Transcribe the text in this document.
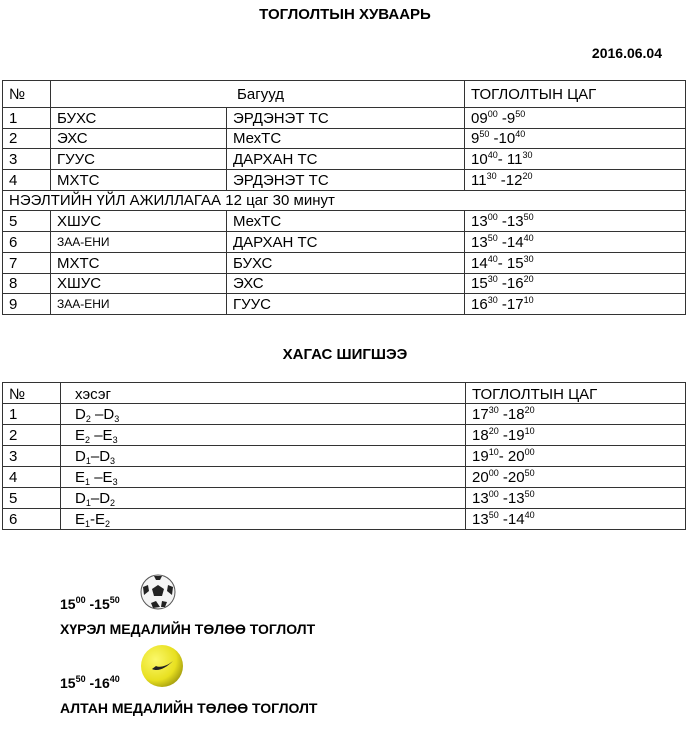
ТОГЛОЛТЫН ХУВААРЬ
2016.06.04
№	Багууд		ТОГЛОЛТЫН ЦАГ
1	БУХС	ЭРДЭНЭТ ТС	$09^{00}$ $-9^{50}$
2	ЭХС	МехТС	$9^{50}$ $-10^{40}$
3	ГУУС	ДАРХАН ТС	$10^{40}-$ $11^{30}$
4	МХТС	ЭРДЭНЭТ ТС	$11^{30}$ $-12^{20}$
НЭЭЛТИЙН ҮЙЛ АЖИЛЛАГАА 12 цаг 30 минут			
5	ХШУС	МехТС	$13^{00}$ $-13^{50}$
6	ЗАА-ЕНИ	ДАРХАН ТС	$13^{50}$ $-14^{40}$
7	МХТС	БУХС	$14^{40}-$ $15^{30}$
8	ХШУС	ЭХС	$15^{30}$ $-16^{20}$
9	ЗАА-ЕНИ	ГУУС	$16^{30}$ $-17^{10}$
ХАГАС ШИГШЭЭ
№	хэсэг	ТОГЛОЛТЫН ЦАГ
1	$D_2$ $-D_3$	$17^{30}$ $-18^{20}$
2	$E_2$ $-E_3$	$18^{20}$ $-19^{10}$
3	$D_1-D_3$	$19^{10}-$ $20^{00}$
4	$E_1$ $-E_3$	$20^{00}$ $-20^{50}$
5	$D_1-D_2$	$13^{00}$ $-13^{50}$
6	$E_1-E_2$	$13^{50}$ $-14^{40}$
$15^{00}$ $-15^{50}$
ХҮРЭЛ МЕДАЛИЙН ТӨЛӨӨ ТОГЛОЛТ
$15^{50}$ $-16^{40}$
АЛТАН МЕДАЛИЙН ТӨЛӨӨ ТОГЛОЛТ
